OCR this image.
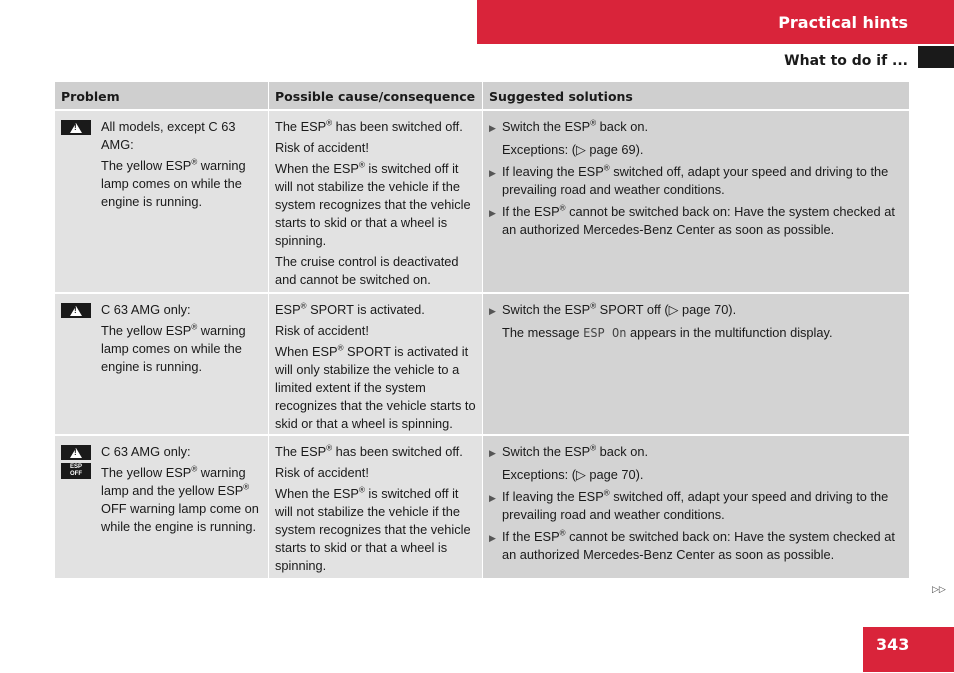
Practical hints
What to do if ...
Problem	Possible cause/consequence	Suggested solutions
!

All models, except C 63 AMG:

The yellow ESP® warning lamp comes on while the engine is running.

The ESP® has been switched off.

Risk of accident!

When the ESP® is switched off it will not stabilize the vehicle if the system recognizes that the vehicle starts to skid or that a wheel is spinning.

The cruise control is deactivated and cannot be switched on.

▶ Switch the ESP® back on.
Exceptions: (▷ page 69).
▶ If leaving the ESP® switched off, adapt your speed and driving to the prevailing road and weather conditions.
▶ If the ESP® cannot be switched back on: Have the system checked at an authorized Mercedes-Benz Center as soon as possible.
!

C 63 AMG only:

The yellow ESP® warning lamp comes on while the engine is running.

ESP® SPORT is activated.

Risk of accident!

When ESP® SPORT is activated it will only stabilize the vehicle to a limited extent if the system recognizes that the vehicle starts to skid or that a wheel is spinning.

▶ Switch the ESP® SPORT off (▷ page 70).
The message ESP On appears in the multifunction display.
!
ESP
OFF

C 63 AMG only:

The yellow ESP® warning lamp and the yellow ESP® OFF warning lamp come on while the engine is running.

The ESP® has been switched off.

Risk of accident!

When the ESP® is switched off it will not stabilize the vehicle if the system recognizes that the vehicle starts to skid or that a wheel is spinning.

▶ Switch the ESP® back on.
Exceptions: (▷ page 70).
▶ If leaving the ESP® switched off, adapt your speed and driving to the prevailing road and weather conditions.
▶ If the ESP® cannot be switched back on: Have the system checked at an authorized Mercedes-Benz Center as soon as possible.
▷▷
343
